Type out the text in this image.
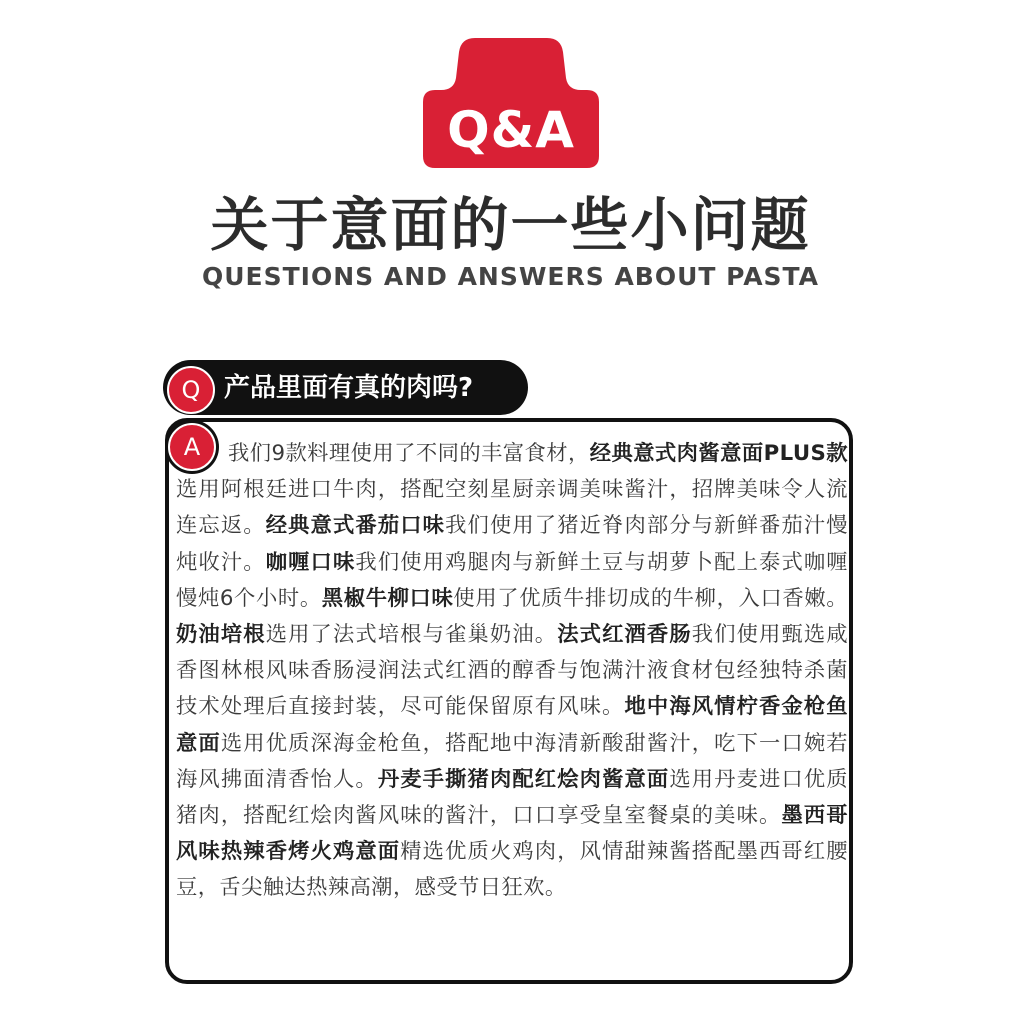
Q&A
关于意面的一些小问题
QUESTIONS AND ANSWERS ABOUT PASTA
Q 产品里面有真的肉吗?
A	我们9款料理使用了不同的丰富食材，经典意式肉酱意面PLUS款选用阿根廷进口牛肉，搭配空刻星厨亲调美味酱汁，招牌美味令人流连忘返。经典意式番茄口味我们使用了猪近脊肉部分与新鲜番茄汁慢炖收汁。咖喱口味我们使用鸡腿肉与新鲜土豆与胡萝卜配上泰式咖喱慢炖6个小时。黑椒牛柳口味使用了优质牛排切成的牛柳，入口香嫩。奶油培根选用了法式培根与雀巢奶油。法式红酒香肠我们使用甄选咸香图林根风味香肠浸润法式红酒的醇香与饱满汁液食材包经独特杀菌技术处理后直接封装，尽可能保留原有风味。地中海风情柠香金枪鱼意面选用优质深海金枪鱼，搭配地中海清新酸甜酱汁，吃下一口婉若海风拂面清香怡人。丹麦手撕猪肉配红烩肉酱意面选用丹麦进口优质猪肉，搭配红烩肉酱风味的酱汁，口口享受皇室餐桌的美味。墨西哥风味热辣香烤火鸡意面精选优质火鸡肉，风情甜辣酱搭配墨西哥红腰豆，舌尖触达热辣高潮，感受节日狂欢。
